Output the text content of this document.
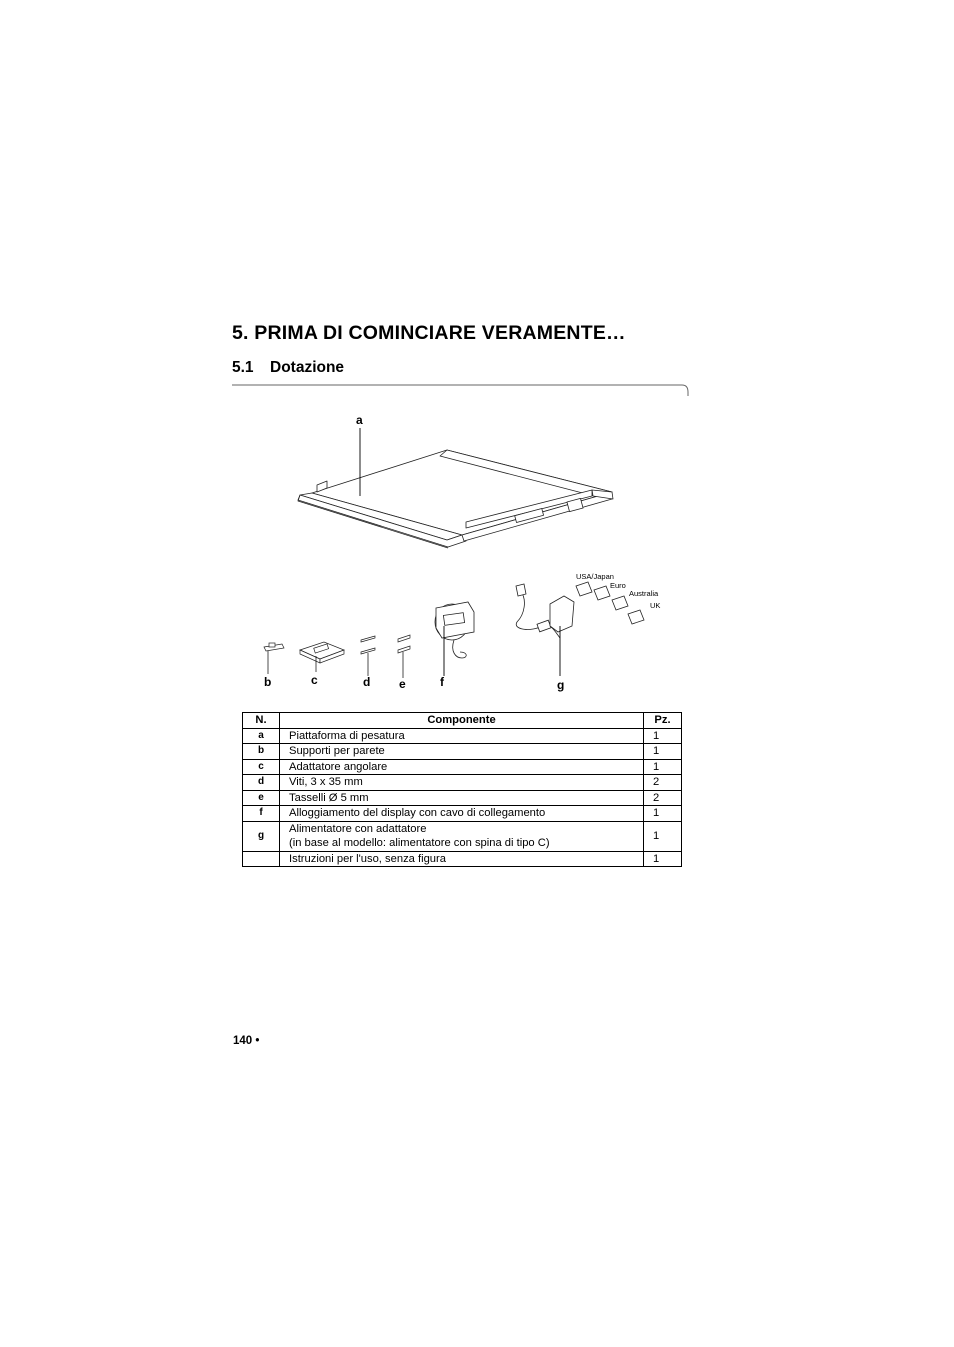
5. PRIMA DI COMINCIARE VERAMENTE…
5.1 Dotazione
a
b	c	d e	f	g
USA/Japan
Euro
Australia
UK
N.	Componente	Pz.
a	Piattaforma di pesatura	1
b	Supporti per parete	1
c	Adattatore angolare	1
d	Viti, 3 x 35 mm	2
e	Tasselli Ø 5 mm	2
f	Alloggiamento del display con cavo di collegamento	1
g	Alimentatore con adattatore
(in base al modello: alimentatore con spina di tipo C)	1
	Istruzioni per l'uso, senza figura	1
140 •
